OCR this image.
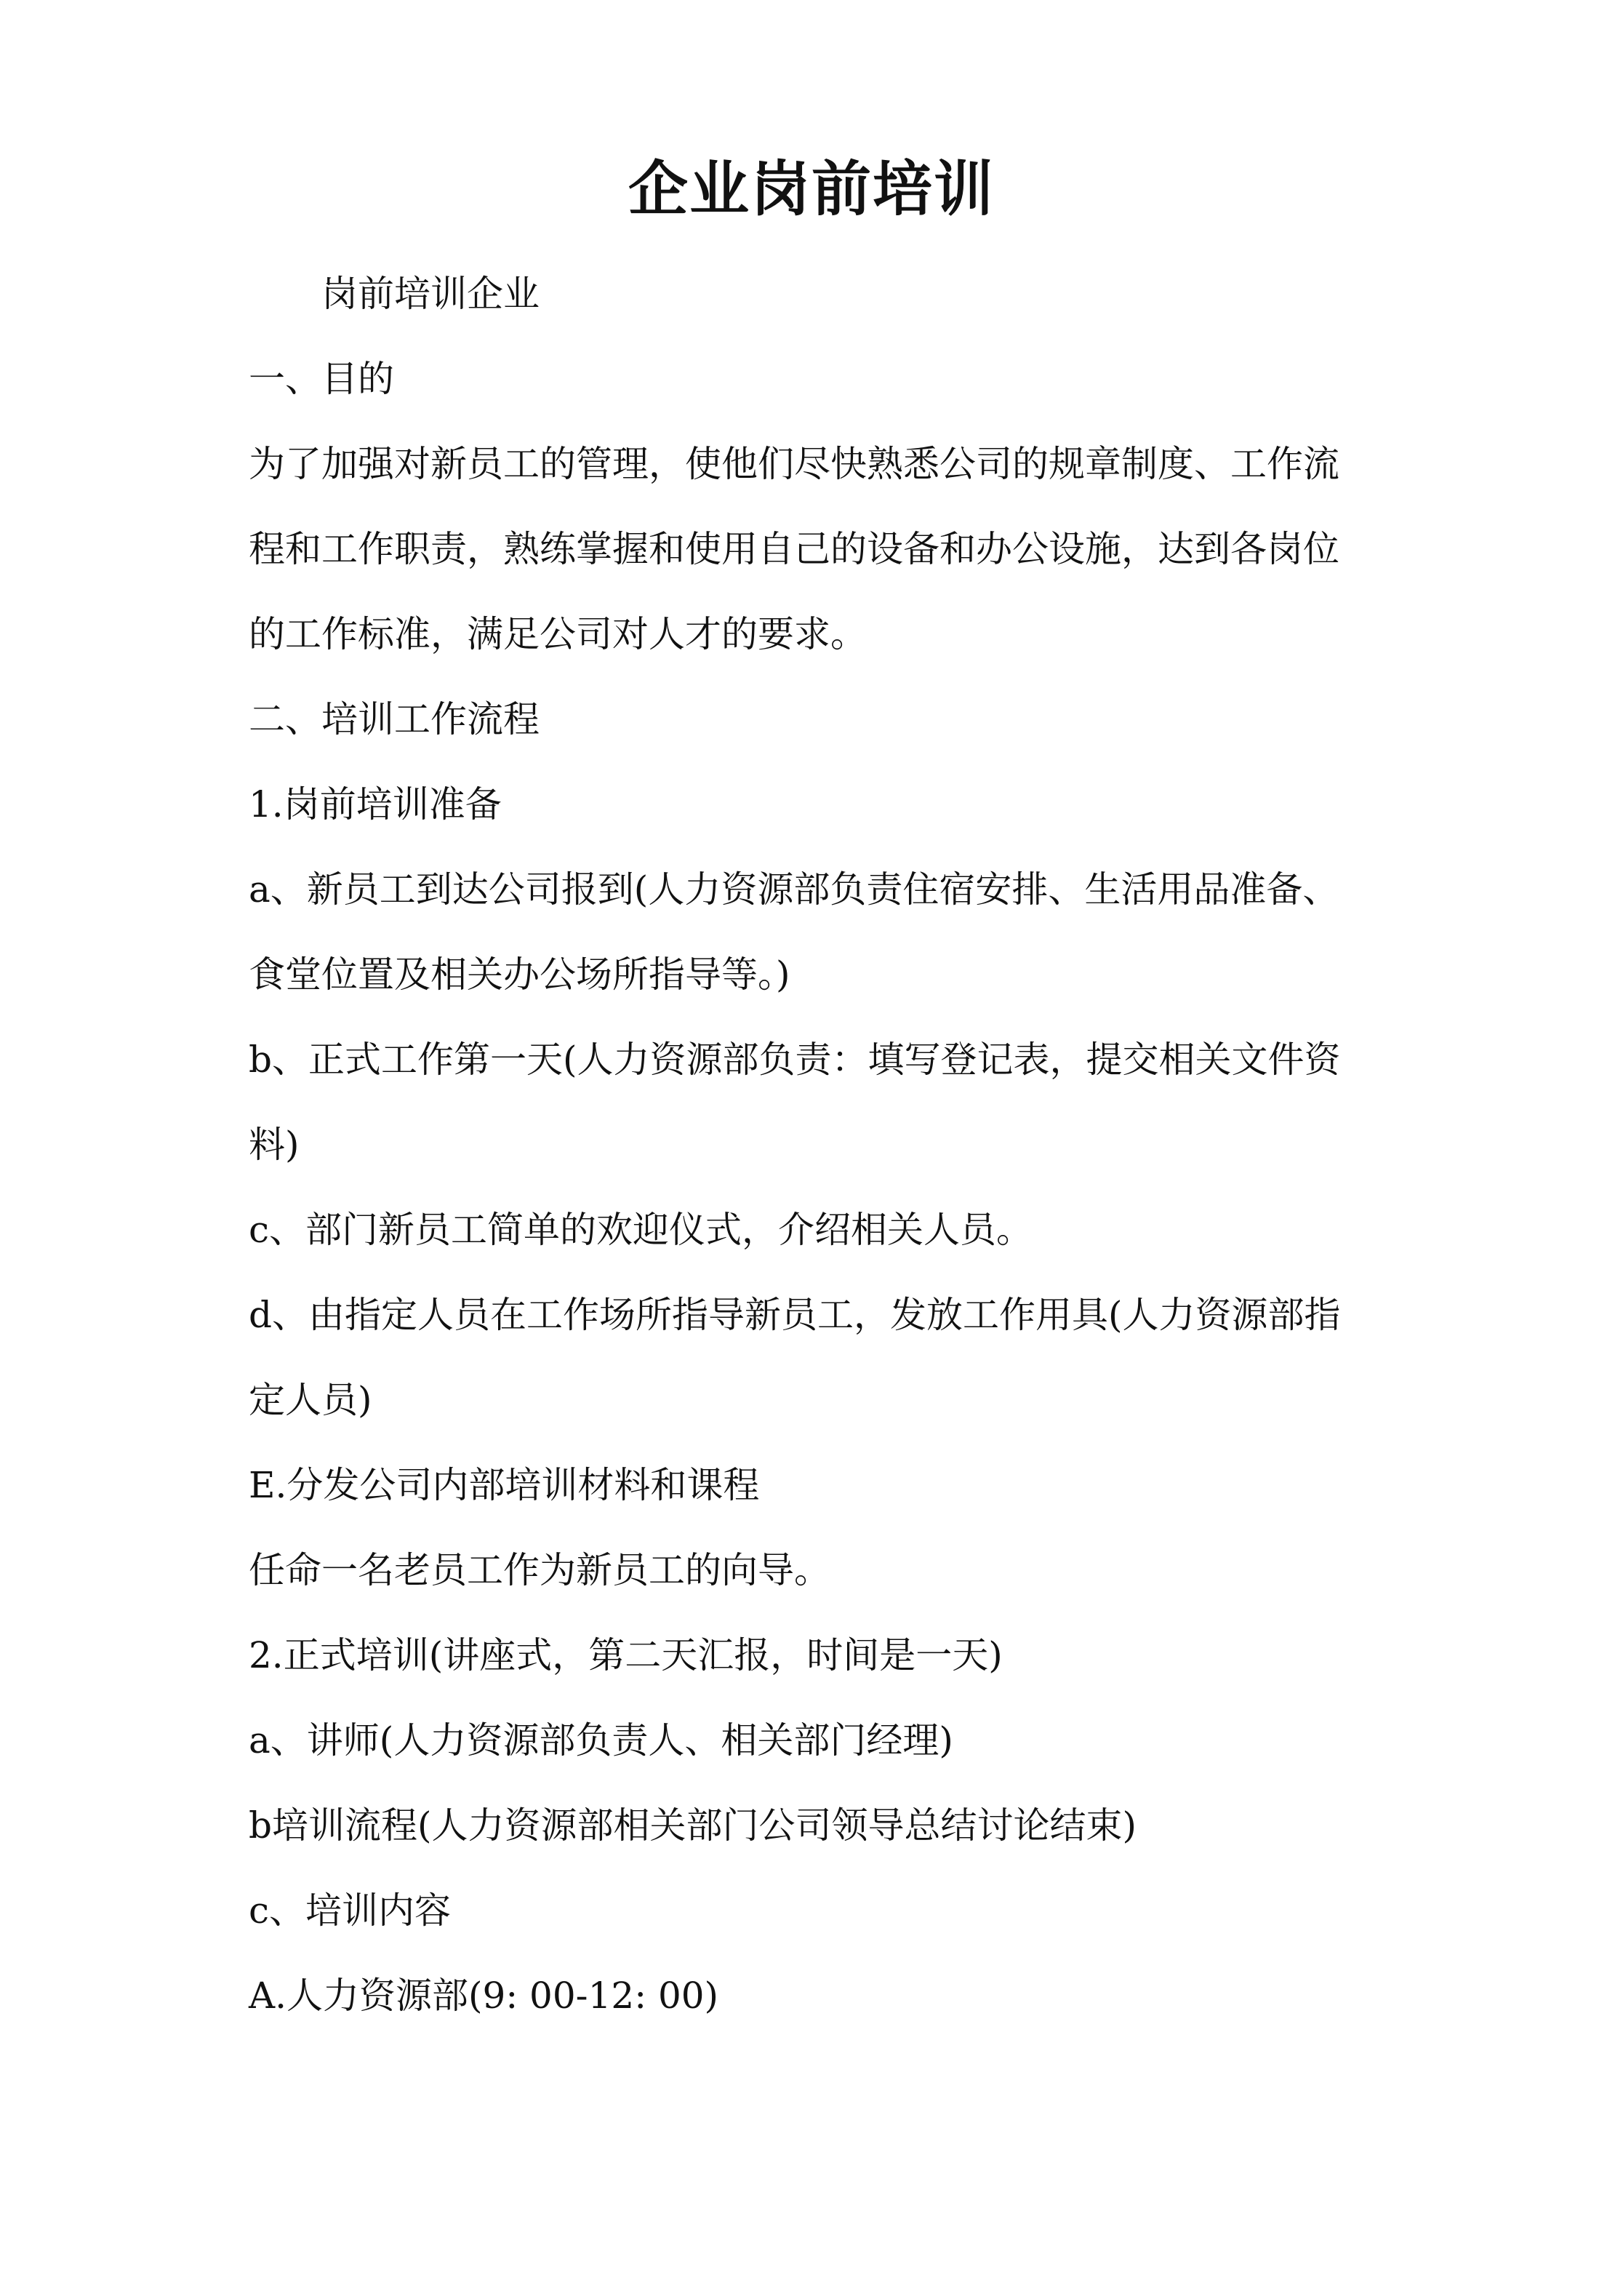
企业岗前培训
岗前培训企业
一、目的
为了加强对新员工的管理，使他们尽快熟悉公司的规章制度、工作流
程和工作职责，熟练掌握和使用自己的设备和办公设施，达到各岗位
的工作标准，满足公司对人才的要求。
二、培训工作流程
1.岗前培训准备
a、新员工到达公司报到(人力资源部负责住宿安排、生活用品准备、
食堂位置及相关办公场所指导等。)
b、正式工作第一天(人力资源部负责：填写登记表，提交相关文件资
料)
c、部门新员工简单的欢迎仪式，介绍相关人员。
d、由指定人员在工作场所指导新员工，发放工作用具(人力资源部指
定人员)
E.分发公司内部培训材料和课程
任命一名老员工作为新员工的向导。
2.正式培训(讲座式，第二天汇报，时间是一天)
a、讲师(人力资源部负责人、相关部门经理)
b培训流程(人力资源部相关部门公司领导总结讨论结束)
c、培训内容
A.人力资源部(9: 00-12: 00)
